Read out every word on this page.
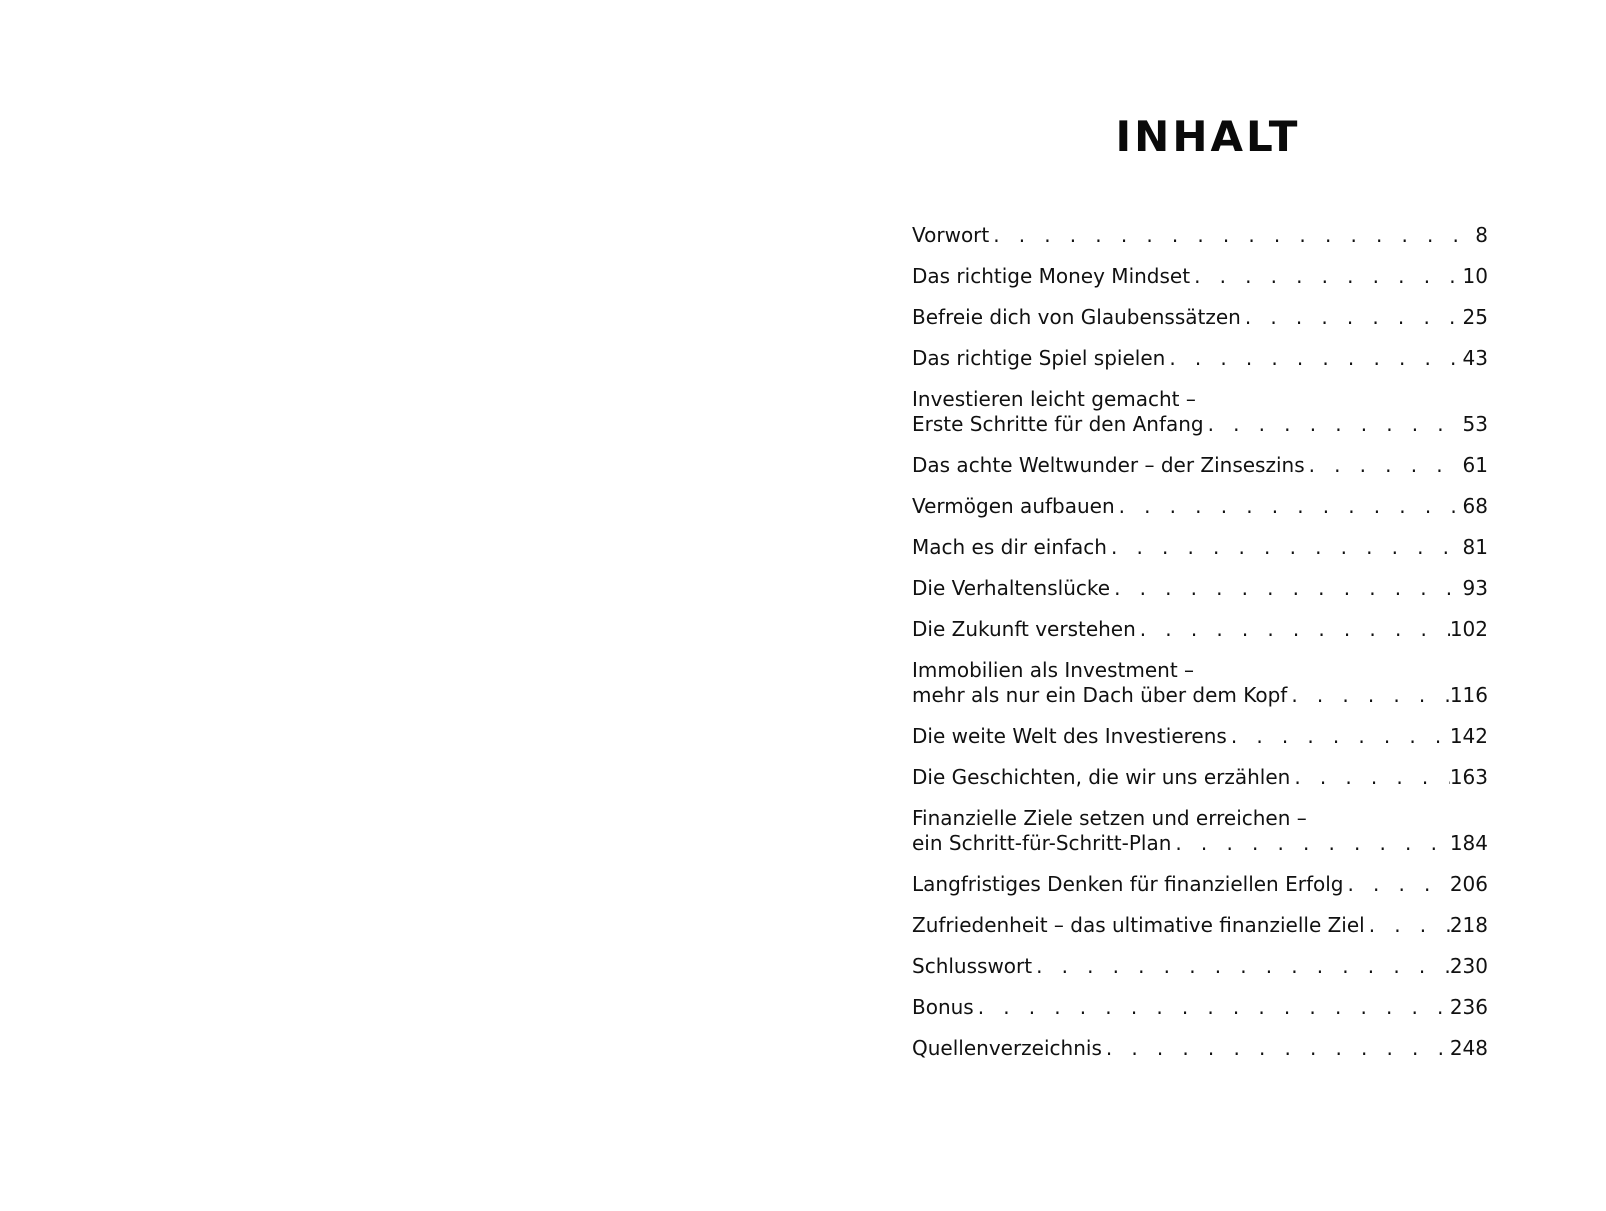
INHALT
Vorwort . . .	8
Das richtige Money Mindset . . .	10
Befreie dich von Glaubenssätzen . . .	25
Das richtige Spiel spielen . . .	43
Investieren leicht gemacht –
Erste Schritte für den Anfang . . .	53
Das achte Weltwunder – der Zinseszins . . .	61
Vermögen aufbauen . . .	68
Mach es dir einfach . . .	81
Die Verhaltenslücke . . .	93
Die Zukunft verstehen . . .	102
Immobilien als Investment –
mehr als nur ein Dach über dem Kopf . . .	116
Die weite Welt des Investierens . . .	142
Die Geschichten, die wir uns erzählen . . .	163
Finanzielle Ziele setzen und erreichen –
ein Schritt-für-Schritt-Plan . . .	184
Langfristiges Denken für finanziellen Erfolg . . .	206
Zufriedenheit – das ultimative finanzielle Ziel . . .	218
Schlusswort . . .	230
Bonus . . .	236
Quellenverzeichnis . . .	248
